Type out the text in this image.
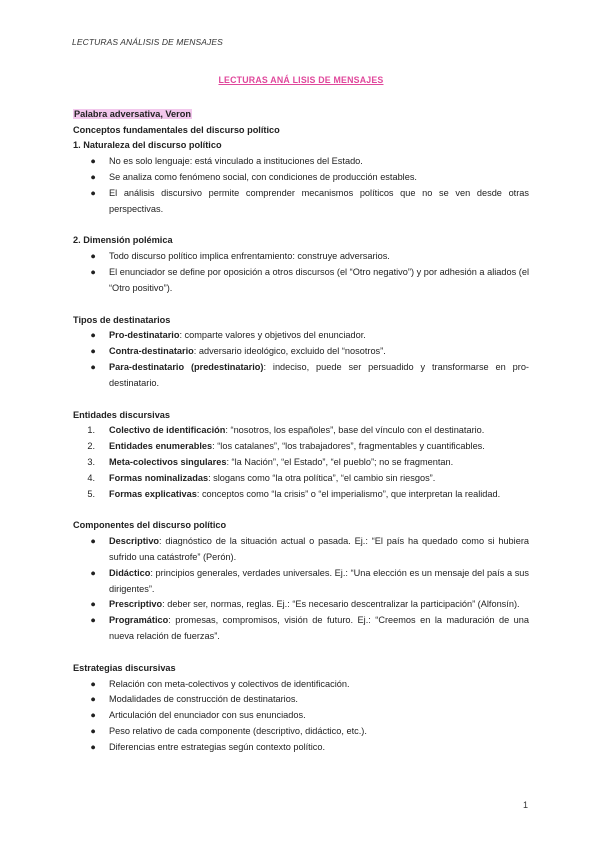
LECTURAS ANÁLISIS DE MENSAJES

LECTURAS ANÁ LISIS DE MENSAJES

Palabra adversativa, Veron

Conceptos fundamentales del discurso político

1. Naturaleza del discurso político

●	No es solo lenguaje: está vinculado a instituciones del Estado.
●	Se analiza como fenómeno social, con condiciones de producción estables.
●	El análisis discursivo permite comprender mecanismos políticos que no se ven desde otras perspectivas.

2. Dimensión polémica

●	Todo discurso político implica enfrentamiento: construye adversarios.
●	El enunciador se define por oposición a otros discursos (el “Otro negativo”) y por adhesión a aliados (el “Otro positivo”).

Tipos de destinatarios

●	Pro-destinatario: comparte valores y objetivos del enunciador.
●	Contra-destinatario: adversario ideológico, excluido del “nosotros”.
●	Para-destinatario (predestinatario): indeciso, puede ser persuadido y transformarse en pro-destinatario.

Entidades discursivas

1. Colectivo de identificación: “nosotros, los españoles”, base del vínculo con el destinatario.
2. Entidades enumerables: “los catalanes”, “los trabajadores”, fragmentables y cuantificables.
3. Meta-colectivos singulares: “la Nación”, “el Estado”, “el pueblo”; no se fragmentan.
4. Formas nominalizadas: slogans como “la otra política”, “el cambio sin riesgos”.
5. Formas explicativas: conceptos como “la crisis” o “el imperialismo”, que interpretan la realidad.

Componentes del discurso político

●	Descriptivo: diagnóstico de la situación actual o pasada. Ej.: “El país ha quedado como si hubiera sufrido una catástrofe” (Perón).
●	Didáctico: principios generales, verdades universales. Ej.: “Una elección es un mensaje del país a sus dirigentes”.
●	Prescriptivo: deber ser, normas, reglas. Ej.: “Es necesario descentralizar la participación” (Alfonsín).
●	Programático: promesas, compromisos, visión de futuro. Ej.: “Creemos en la maduración de una nueva relación de fuerzas”.

Estrategias discursivas

●	Relación con meta-colectivos y colectivos de identificación.
●	Modalidades de construcción de destinatarios.
●	Articulación del enunciador con sus enunciados.
●	Peso relativo de cada componente (descriptivo, didáctico, etc.).
●	Diferencias entre estrategias según contexto político.
1
